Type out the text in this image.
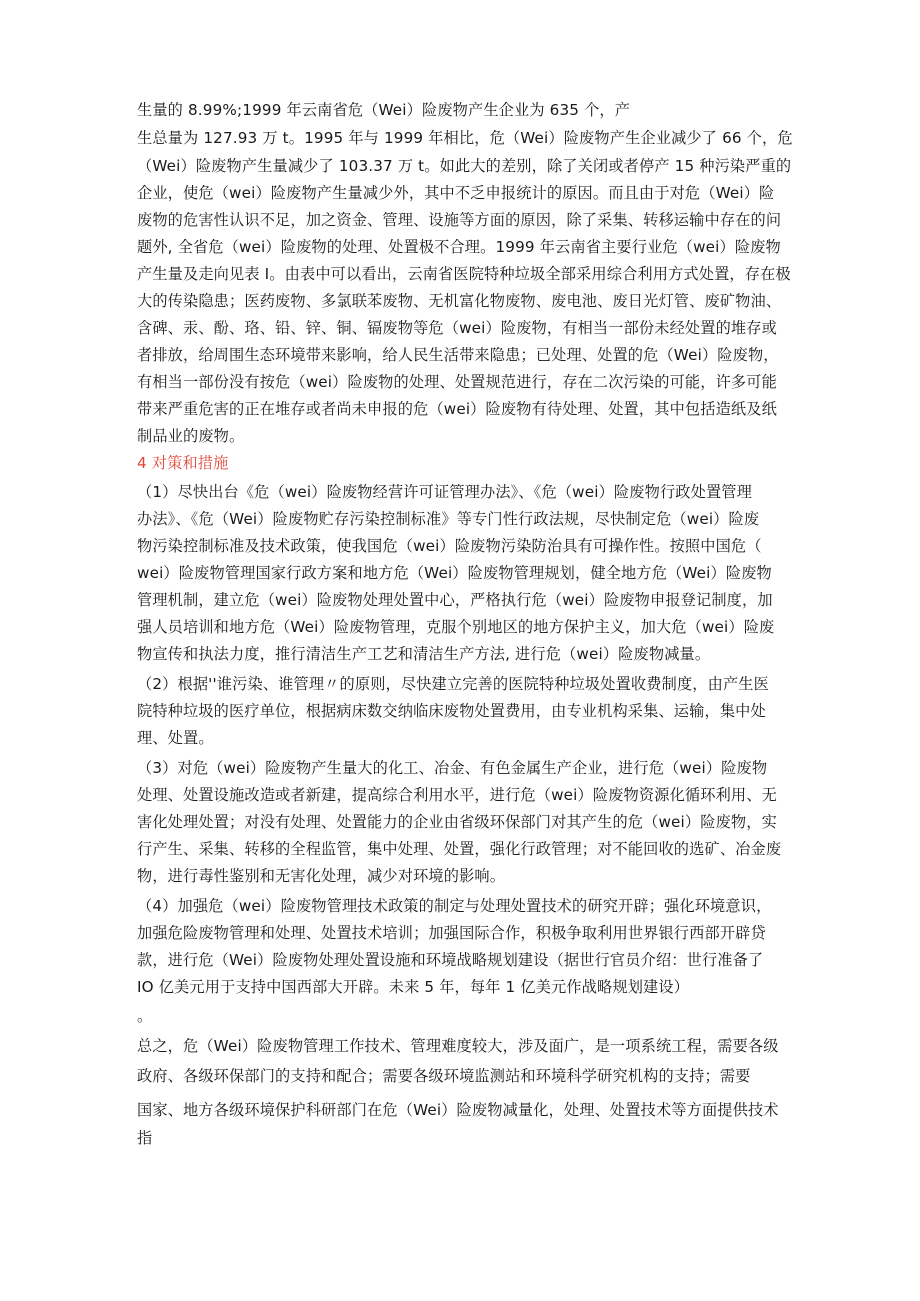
生量的 8.99%;1999 年云南省危（Wei）险废物产生企业为 635 个，产
生总量为 127.93 万 t。1995 年与 1999 年相比，危（Wei）险废物产生企业减少了 66 个，危
（Wei）险废物产生量减少了 103.37 万 t。如此大的差别，除了关闭或者停产 15 种污染严重的
企业，使危（wei）险废物产生量减少外，其中不乏申报统计的原因。而且由于对危（Wei）险
废物的危害性认识不足，加之资金、管理、设施等方面的原因，除了采集、转移运输中存在的问
题外, 全省危（wei）险废物的处理、处置极不合理。1999 年云南省主要行业危（wei）险废物
产生量及走向见表 I。由表中可以看出，云南省医院特种垃圾全部采用综合利用方式处置，存在极
大的传染隐患；医药废物、多氯联苯废物、无机富化物废物、废电池、废日光灯管、废矿物油、
含碑、汞、酚、珞、铅、锌、铜、镉废物等危（wei）险废物，有相当一部份未经处置的堆存或
者排放，给周围生态环境带来影响，给人民生活带来隐患；已处理、处置的危（Wei）险废物，
有相当一部份没有按危（wei）险废物的处理、处置规范进行，存在二次污染的可能，许多可能
带来严重危害的正在堆存或者尚未申报的危（wei）险废物有待处理、处置，其中包括造纸及纸
制品业的废物。
4 对策和措施
（1）尽快出台《危（wei）险废物经营许可证管理办法》、《危（wei）险废物行政处置管理
办法》、《危（Wei）险废物贮存污染控制标准》等专门性行政法规，尽快制定危（wei）险废
物污染控制标准及技术政策，使我国危（wei）险废物污染防治具有可操作性。按照中国危（
wei）险废物管理国家行政方案和地方危（Wei）险废物管理规划，健全地方危（Wei）险废物
管理机制，建立危（wei）险废物处理处置中心，严格执行危（wei）险废物申报登记制度，加
强人员培训和地方危（Wei）险废物管理，克服个别地区的地方保护主义，加大危（wei）险废
物宣传和执法力度，推行清洁生产工艺和清洁生产方法, 进行危（wei）险废物减量。
（2）根据''谁污染、谁管理〃的原则，尽快建立完善的医院特种垃圾处置收费制度，由产生医
院特种垃圾的医疗单位，根据病床数交纳临床废物处置费用，由专业机构采集、运输，集中处
理、处置。
（3）对危（wei）险废物产生量大的化工、冶金、有色金属生产企业，进行危（wei）险废物
处理、处置设施改造或者新建，提高综合利用水平，进行危（wei）险废物资源化循环利用、无
害化处理处置；对没有处理、处置能力的企业由省级环保部门对其产生的危（wei）险废物，实
行产生、采集、转移的全程监管，集中处理、处置，强化行政管理；对不能回收的选矿、冶金废
物，进行毒性鉴别和无害化处理，减少对环境的影响。
（4）加强危（wei）险废物管理技术政策的制定与处理处置技术的研究开辟；强化环境意识，
加强危险废物管理和处理、处置技术培训；加强国际合作，积极争取利用世界银行西部开辟贷
款，进行危（Wei）险废物处理处置设施和环境战略规划建设（据世行官员介绍：世行准备了
IO 亿美元用于支持中国西部大开辟。未来 5 年，每年 1 亿美元作战略规划建设）
。
总之，危（Wei）险废物管理工作技术、管理难度较大，涉及面广，是一项系统工程，需要各级
政府、各级环保部门的支持和配合；需要各级环境监测站和环境科学研究机构的支持；需要
国家、地方各级环境保护科研部门在危（Wei）险废物减量化，处理、处置技术等方面提供技术
指
